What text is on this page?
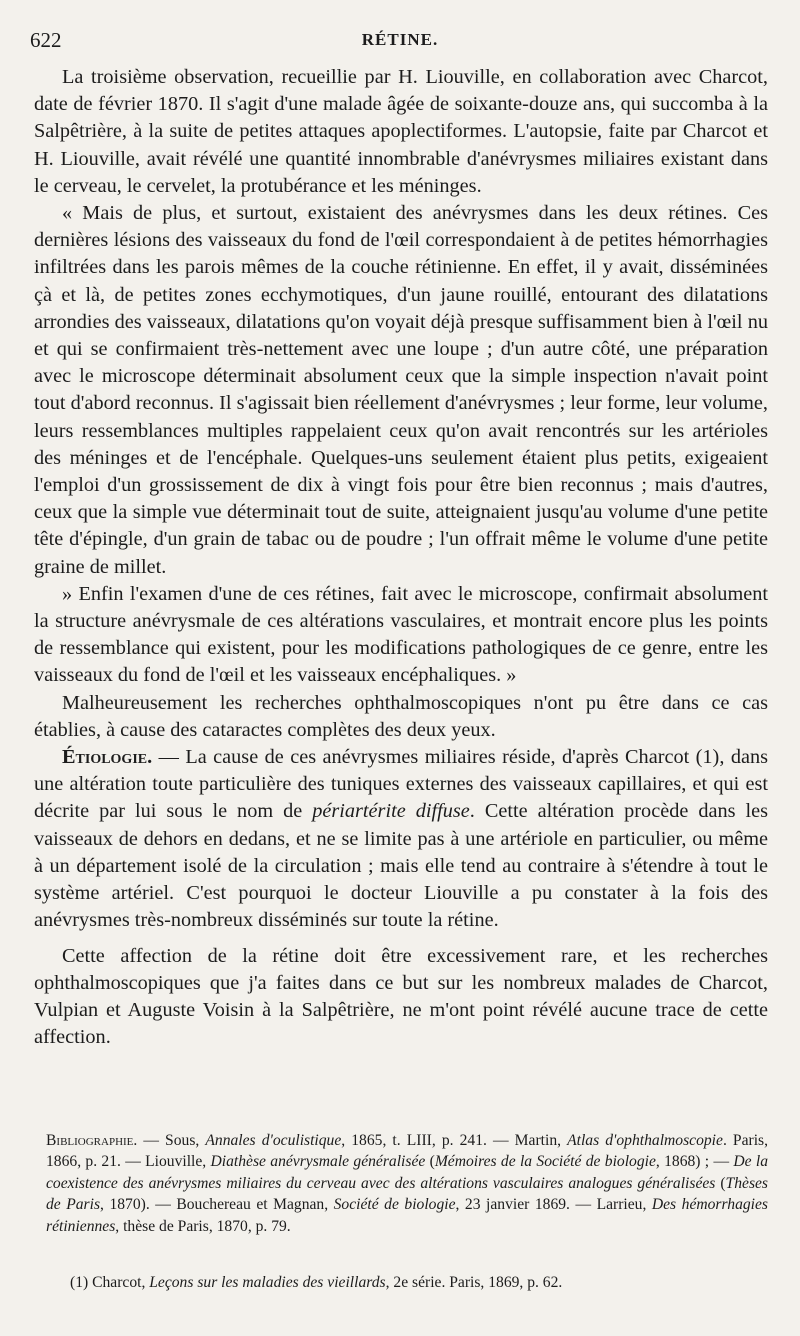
622	RÉTINE.

La troisième observation, recueillie par H. Liouville, en collaboration avec Charcot, date de février 1870. Il s'agit d'une malade âgée de soixante-douze ans, qui succomba à la Salpêtrière, à la suite de petites attaques apoplectiformes. L'autopsie, faite par Charcot et H. Liouville, avait révélé une quantité innombrable d'anévrysmes miliaires existant dans le cerveau, le cervelet, la protubérance et les méninges.

« Mais de plus, et surtout, existaient des anévrysmes dans les deux rétines. Ces dernières lésions des vaisseaux du fond de l'œil correspondaient à de petites hémorrhagies infiltrées dans les parois mêmes de la couche rétinienne. En effet, il y avait, disséminées çà et là, de petites zones ecchymotiques, d'un jaune rouillé, entourant des dilatations arrondies des vaisseaux, dilatations qu'on voyait déjà presque suffisamment bien à l'œil nu et qui se confirmaient très-nettement avec une loupe ; d'un autre côté, une préparation avec le microscope déterminait absolument ceux que la simple inspection n'avait point tout d'abord reconnus. Il s'agissait bien réellement d'anévrysmes ; leur forme, leur volume, leurs ressemblances multiples rappelaient ceux qu'on avait rencontrés sur les artérioles des méninges et de l'encéphale. Quelques-uns seulement étaient plus petits, exigeaient l'emploi d'un grossissement de dix à vingt fois pour être bien reconnus ; mais d'autres, ceux que la simple vue déterminait tout de suite, atteignaient jusqu'au volume d'une petite tête d'épingle, d'un grain de tabac ou de poudre ; l'un offrait même le volume d'une petite graine de millet.

» Enfin l'examen d'une de ces rétines, fait avec le microscope, confirmait absolument la structure anévrysmale de ces altérations vasculaires, et montrait encore plus les points de ressemblance qui existent, pour les modifications pathologiques de ce genre, entre les vaisseaux du fond de l'œil et les vaisseaux encéphaliques. »

Malheureusement les recherches ophthalmoscopiques n'ont pu être dans ce cas établies, à cause des cataractes complètes des deux yeux.

Étiologie. — La cause de ces anévrysmes miliaires réside, d'après Charcot (1), dans une altération toute particulière des tuniques externes des vaisseaux capillaires, et qui est décrite par lui sous le nom de périartérite diffuse. Cette altération procède dans les vaisseaux de dehors en dedans, et ne se limite pas à une artériole en particulier, ou même à un département isolé de la circulation ; mais elle tend au contraire à s'étendre à tout le système artériel. C'est pourquoi le docteur Liouville a pu constater à la fois des anévrysmes très-nombreux disséminés sur toute la rétine.

Cette affection de la rétine doit être excessivement rare, et les recherches ophthalmoscopiques que j'a faites dans ce but sur les nombreux malades de Charcot, Vulpian et Auguste Voisin à la Salpêtrière, ne m'ont point révélé aucune trace de cette affection.

Bibliographie. — Sous, Annales d'oculistique, 1865, t. LIII, p. 241. — Martin, Atlas d'ophthalmoscopie. Paris, 1866, p. 21. — Liouville, Diathèse anévrysmale généralisée (Mémoires de la Société de biologie, 1868) ; — De la coexistence des anévrysmes miliaires du cerveau avec des altérations vasculaires analogues généralisées (Thèses de Paris, 1870). — Bouchereau et Magnan, Société de biologie, 23 janvier 1869. — Larrieu, Des hémorrhagies rétiniennes, thèse de Paris, 1870, p. 79.

(1) Charcot, Leçons sur les maladies des vieillards, 2e série. Paris, 1869, p. 62.
